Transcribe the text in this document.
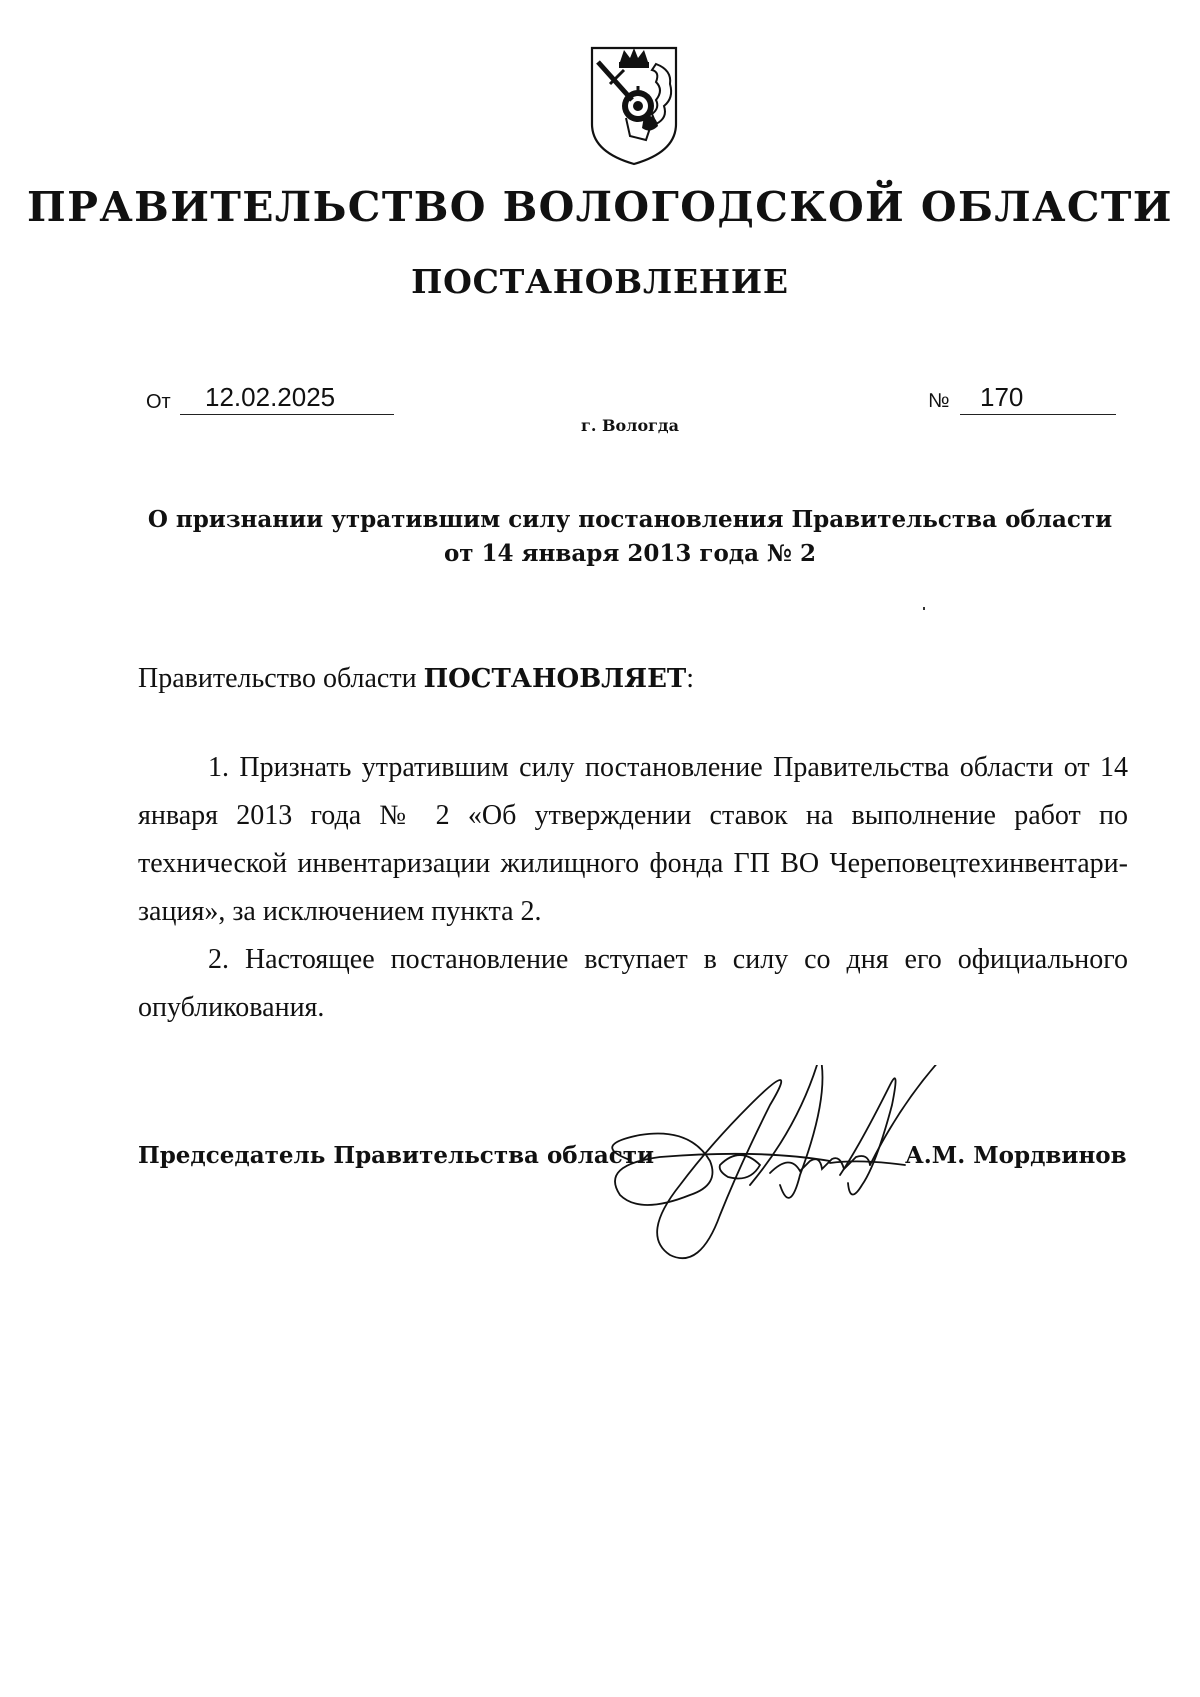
ПРАВИТЕЛЬСТВО ВОЛОГОДСКОЙ ОБЛАСТИ
ПОСТАНОВЛЕНИЕ
От	12.02.2025	№	170
г. Вологда
О признании утратившим силу постановления Правительства области
от 14 января 2013 года № 2
Правительство области ПОСТАНОВЛЯЕТ:

1. Признать утратившим силу постановление Правительства области от 14 января 2013 года № 2 «Об утверждении ставок на выполнение работ по технической инвентаризации жилищного фонда ГП ВО Череповецтехинвентари-зация», за исключением пункта 2.

2. Настоящее постановление вступает в силу со дня его официального опубликования.

Председатель Правительства области	А.М. Мордвинов
